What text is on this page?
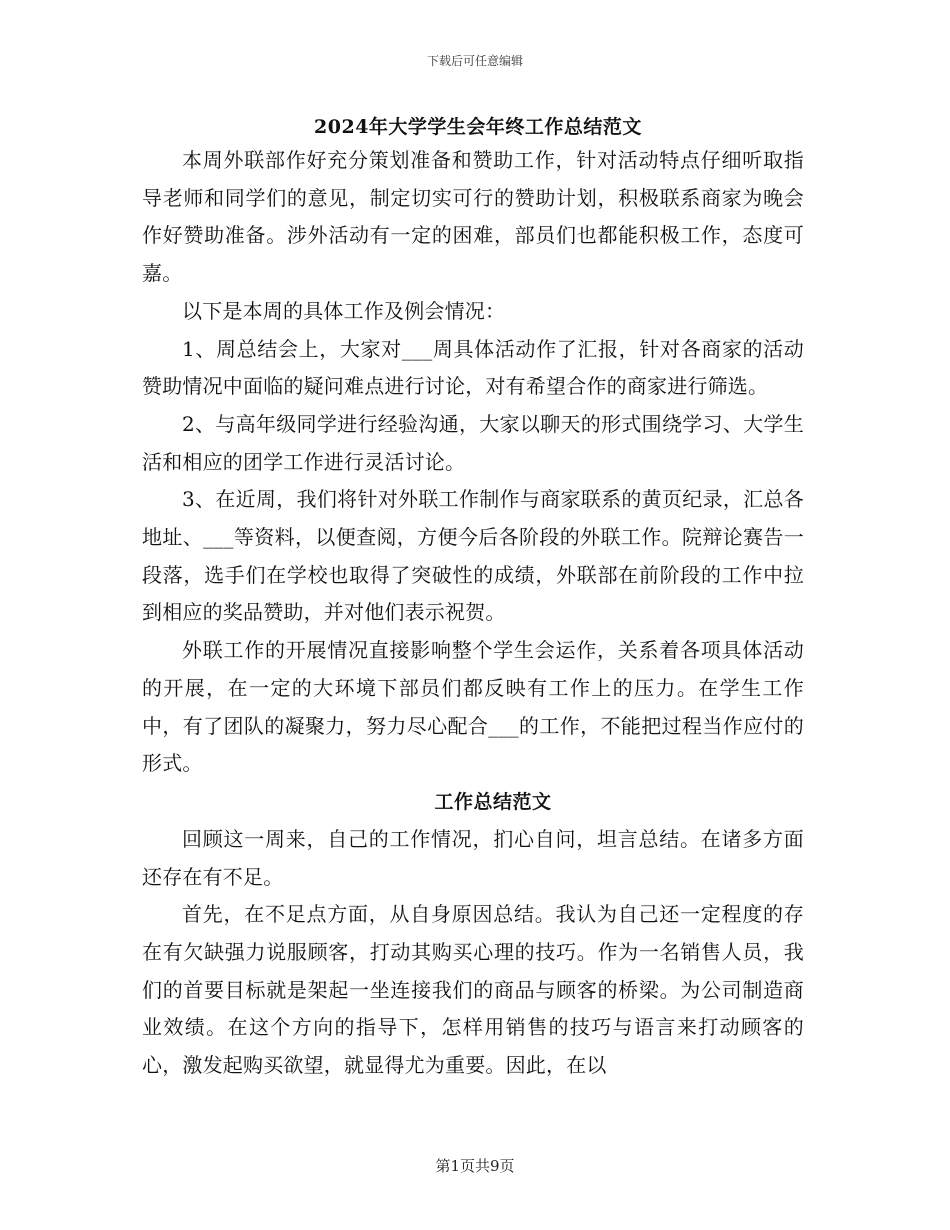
下载后可任意编辑
2024年大学学生会年终工作总结范文

本周外联部作好充分策划准备和赞助工作，针对活动特点仔细听取指导老师和同学们的意见，制定切实可行的赞助计划，积极联系商家为晚会作好赞助准备。涉外活动有一定的困难，部员们也都能积极工作，态度可嘉。

以下是本周的具体工作及例会情况：

1、周总结会上，大家对___周具体活动作了汇报，针对各商家的活动赞助情况中面临的疑问难点进行讨论，对有希望合作的商家进行筛选。

2、与高年级同学进行经验沟通，大家以聊天的形式围绕学习、大学生活和相应的团学工作进行灵活讨论。

3、在近周，我们将针对外联工作制作与商家联系的黄页纪录，汇总各地址、___等资料，以便查阅，方便今后各阶段的外联工作。院辩论赛告一段落，选手们在学校也取得了突破性的成绩，外联部在前阶段的工作中拉到相应的奖品赞助，并对他们表示祝贺。

外联工作的开展情况直接影响整个学生会运作，关系着各项具体活动的开展，在一定的大环境下部员们都反映有工作上的压力。在学生工作中，有了团队的凝聚力，努力尽心配合___的工作，不能把过程当作应付的形式。

工作总结范文

回顾这一周来，自己的工作情况，扪心自问，坦言总结。在诸多方面还存在有不足。

首先，在不足点方面，从自身原因总结。我认为自己还一定程度的存在有欠缺强力说服顾客，打动其购买心理的技巧。作为一名销售人员，我们的首要目标就是架起一坐连接我们的商品与顾客的桥梁。为公司制造商业效绩。在这个方向的指导下，怎样用销售的技巧与语言来打动顾客的心，激发起购买欲望，就显得尤为重要。因此，在以

第1页共9页
